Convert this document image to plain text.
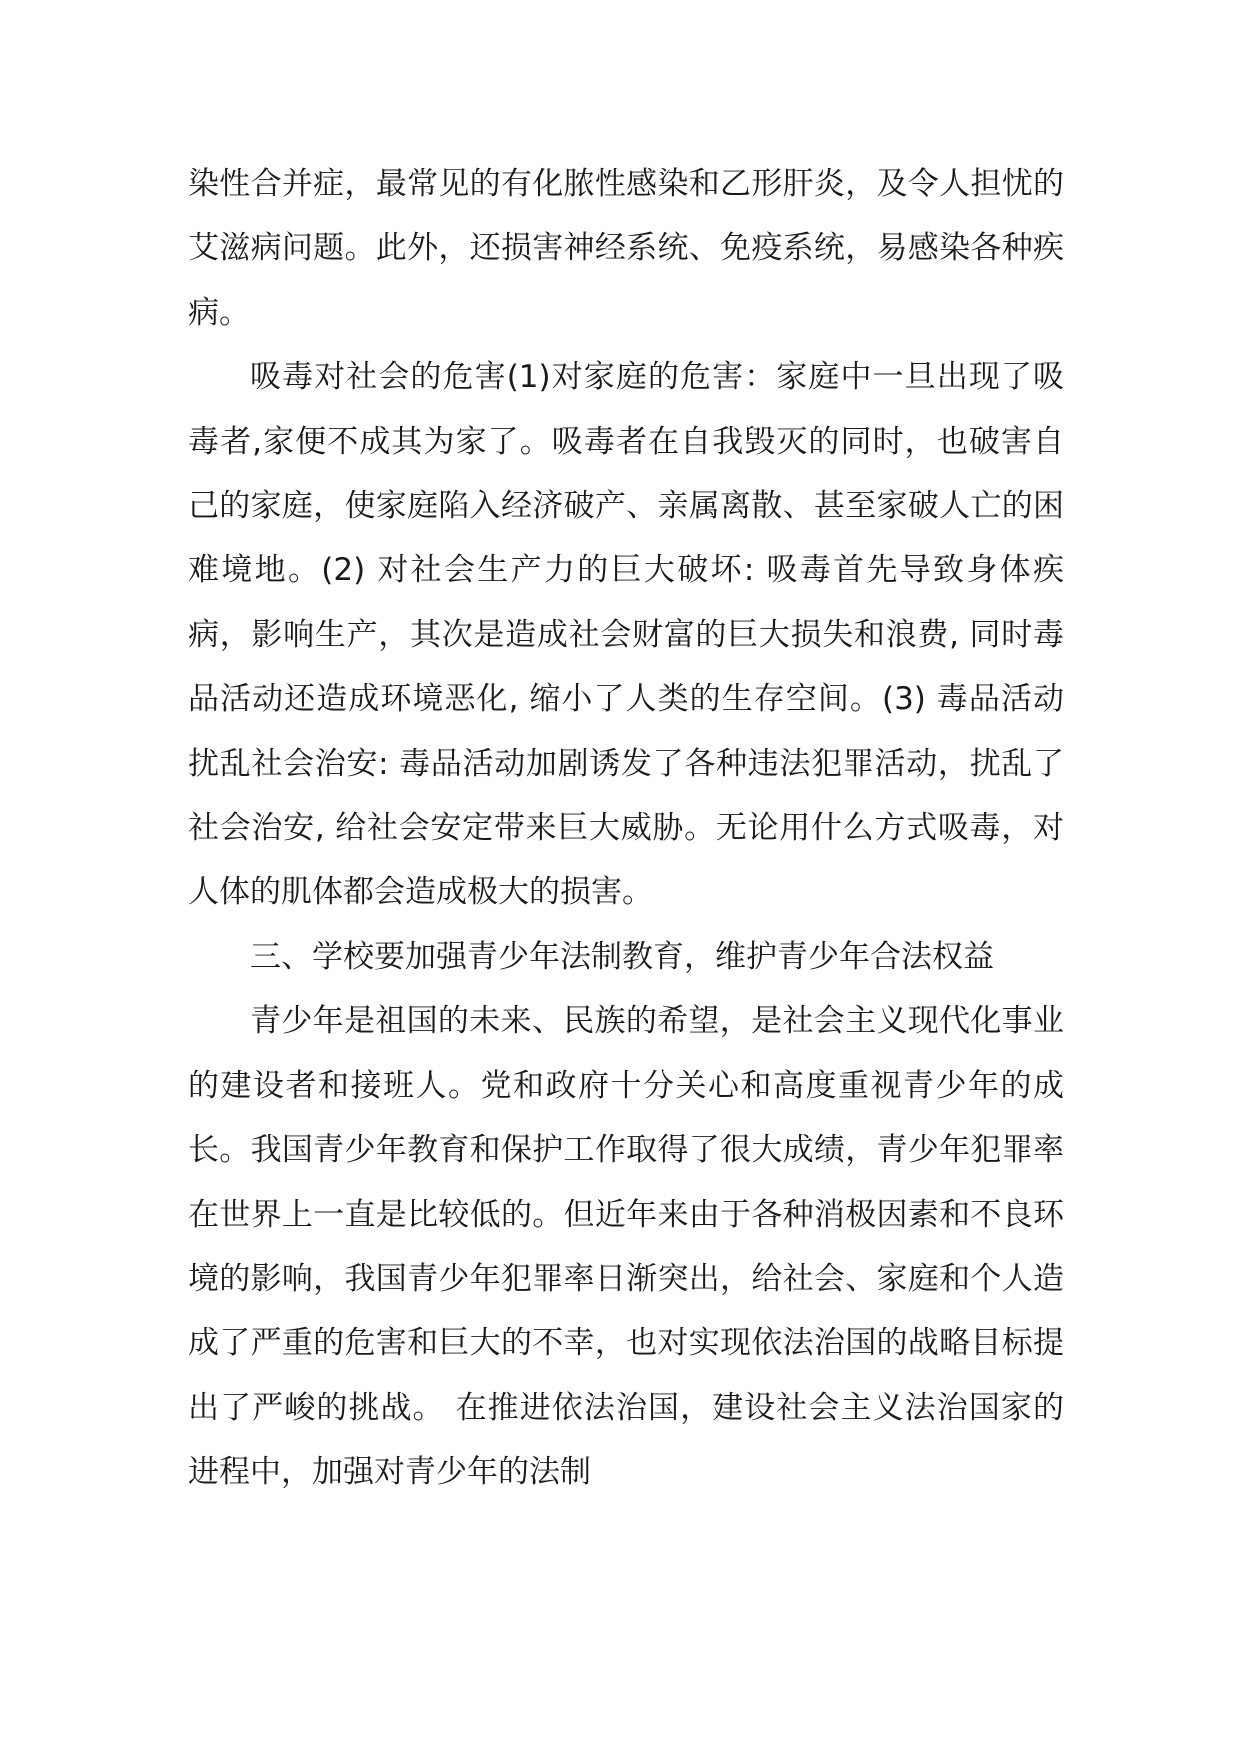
染性合并症，最常见的有化脓性感染和乙形肝炎，及令人担忧的艾滋病问题。此外，还损害神经系统、免疫系统，易感染各种疾病。

吸毒对社会的危害(1)对家庭的危害：家庭中一旦出现了吸毒者,家便不成其为家了。吸毒者在自我毁灭的同时，也破害自己的家庭，使家庭陷入经济破产、亲属离散、甚至家破人亡的困难境地。(2) 对社会生产力的巨大破坏: 吸毒首先导致身体疾病，影响生产，其次是造成社会财富的巨大损失和浪费, 同时毒品活动还造成环境恶化, 缩小了人类的生存空间。(3) 毒品活动扰乱社会治安: 毒品活动加剧诱发了各种违法犯罪活动，扰乱了社会治安, 给社会安定带来巨大威胁。无论用什么方式吸毒，对人体的肌体都会造成极大的损害。

三、学校要加强青少年法制教育，维护青少年合法权益

青少年是祖国的未来、民族的希望，是社会主义现代化事业的建设者和接班人。党和政府十分关心和高度重视青少年的成长。我国青少年教育和保护工作取得了很大成绩，青少年犯罪率在世界上一直是比较低的。但近年来由于各种消极因素和不良环境的影响，我国青少年犯罪率日渐突出，给社会、家庭和个人造成了严重的危害和巨大的不幸，也对实现依法治国的战略目标提出了严峻的挑战。 在推进依法治国，建设社会主义法治国家的进程中，加强对青少年的法制
